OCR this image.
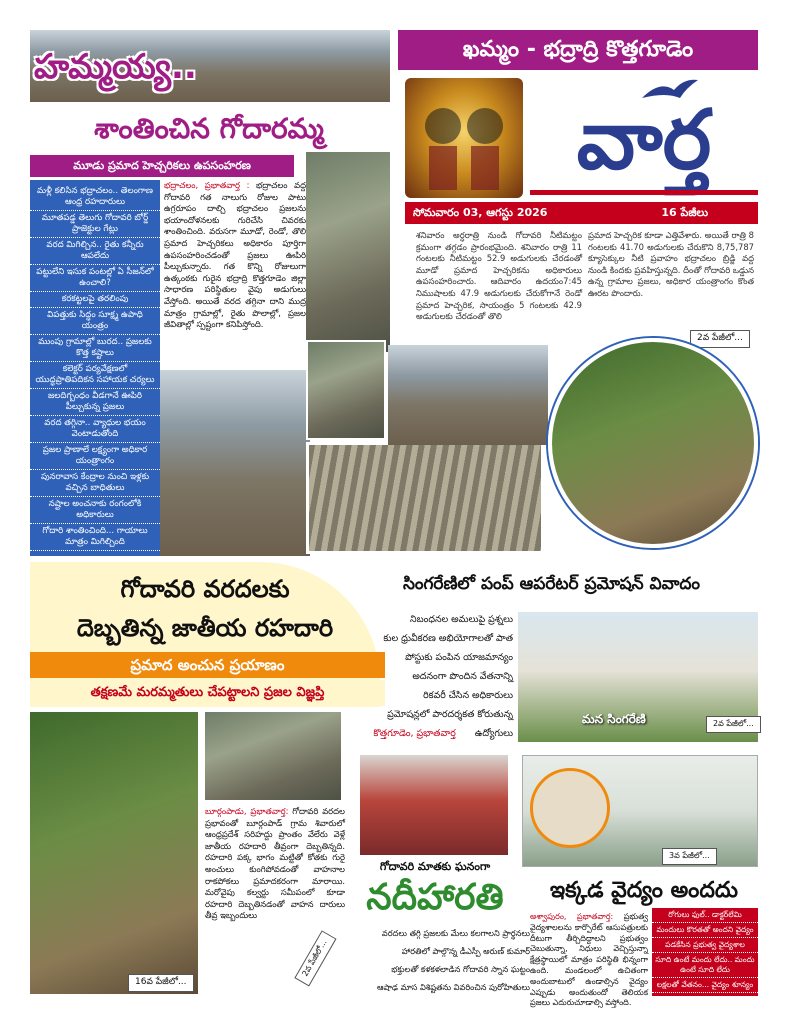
హమ్మయ్య..
శాంతించిన గోదారమ్మ
మూడు ప్రమాద హెచ్చరికలు ఉపసంహరణ
మళ్లీ కలిసిన భద్రాచలం.. తెలంగాణ ఆంధ్ర రహదారులు
మూతపడ్డ తెలుగు గోదావరి బోర్డ్ ప్రాజెక్టుల గేట్లు
వరద మిగిల్చిన.. రైతు కన్నీరు ఆపలేదు
పట్టులేని ఇసుక పంటల్లో ఏ సీజన్‌లో ఉంచాలి?
కరకట్టలపై తరలింపు
విపత్తుకు సిద్ధం సూక్ష్మ ఉపాధి యంత్రం
ముంపు గ్రామాల్లో బురద.. ప్రజలకు కొత్త కష్టాలు
కలెక్టర్ పర్యవేక్షణలో యుద్ధప్రాతిపదికన సహాయక చర్యలు
జలదిగ్బంధం వీడగానే ఊపిరి పీల్చుకున్న ప్రజలు
వరద తగ్గినా.. వ్యాధుల భయం వెంటాడుతోంది
ప్రజల ప్రాణాలే లక్ష్యంగా అధికార యంత్రాంగం
పునరావాస కేంద్రాల నుంచి ఇళ్లకు వచ్చిన బాధితులు
నష్టాల అంచనాకు రంగంలోకి అధికారులు
గోదారి శాంతించింది... గాయాలు మాత్రం మిగిల్చింది
భద్రాచలం, ప్రభాతవార్త : భద్రాచలం వద్ద గోదావరి గత నాలుగు రోజుల పాటు ఉగ్రరూపం దాల్చి భద్రాచలం ప్రజలను భయాందోళనలకు గురిచేసి చివరకు శాంతించింది. వరుసగా మూడో, రెండో, తొలి ప్రమాద హెచ్చరికలు అధికారం పూర్తిగా ఉపసంహరించడంతో ప్రజలు ఊపిరి పీల్చుకున్నారు. గత కొన్ని రోజులుగా ఉత్కంఠకు గురైన భద్రాద్రి కొత్తగూడెం జిల్లా సాధారణ పరిస్థితుల వైపు అడుగులు వేస్తోంది. అయితే వరద తగ్గినా దాని ముద్ర మాత్రం గ్రామాల్లో, రైతు పొలాల్లో, ప్రజల జీవితాల్లో స్పష్టంగా కనిపిస్తోంది.
ఖమ్మం - భద్రాద్రి కొత్తగూడెం
వార్త
సోమవారం 03, ఆగస్టు 2026	16 పేజీలు
శనివారం అర్ధరాత్రి నుండి గోదావరి నీటిమట్టం క్రమంగా తగ్గడం ప్రారంభమైంది. శనివారం రాత్రి 11 గంటలకు నీటిమట్టం 52.9 అడుగులకు చేరడంతో మూడో ప్రమాద హెచ్చరికను అధికారులు ఉపసంహరించారు. ఆదివారం ఉదయం7:45 నిముషాలకు 47.9 అడుగులకు చేరుకోగానే రెండో ప్రమాద హెచ్చరిక, సాయంత్రం 5 గంటలకు 42.9 అడుగులకు చేరడంతో తొలి
ప్రమాద హెచ్చరిక కూడా ఎత్తివేశారు. అయితే రాత్రి 8 గంటలకు 41.70 అడుగులకు చేరుకొని 8,75,787 క్యూసెక్కుల నీటి ప్రవాహం భద్రాచలం బ్రిడ్జి వద్ద నుండి కిందకు ప్రవహిస్తున్నది. దీంతో గోదావరి ఒడ్డున ఉన్న గ్రామాల ప్రజలు, అధికార యంత్రాంగం కొంత ఊరట పొందారు.
2వ పేజీలో...
గోదావరి వరదలకు
దెబ్బతిన్న జాతీయ రహదారి
ప్రమాద అంచున ప్రయాణం
తక్షణమే మరమ్మతులు చేపట్టాలని ప్రజల విజ్ఞప్తి
బూర్గంపాడు, ప్రభాతవార్త: గోదావరి వరదల ప్రభావంతో బూర్గంపాడ్ గ్రామ శివారులో ఆంధ్రప్రదేశ్ సరిహద్దు ప్రాంతం వేలేరు వెళ్లే జాతీయ రహదారి తీవ్రంగా దెబ్బతిన్నది. రహదారి పక్క భాగం మట్టితో కోతకు గురై అంచులు కుంగిపోవడంతో వాహనాల రాకపోకలు ప్రమాదకరంగా మారాయి. మరోవైపు కల్వర్టు సమీపంలో కూడా రహదారి దెబ్బతినడంతో వాహన దారులు తీవ్ర ఇబ్బందులు
16వ పేజీలో...
సింగరేణిలో పంప్ ఆపరేటర్ ప్రమోషన్ వివాదం
నిబంధనల అమలుపై ప్రశ్నలు
కుల ధ్రువీకరణ అభియోగాలతో పాత
పోస్టుకు పంపిన యాజమాన్యం
అదనంగా పొందిన వేతనాన్ని
రికవరీ చేసిన అధికారులు
ప్రమోషన్లలో పారదర్శకత కోరుతున్న
కొత్తగూడెం, ప్రభాతవార్త ఉద్యోగులు
మన సింగరేణి	2వ పేజీలో...
గోదావరి మాతకు ఘనంగా
నదీహారతి
వరదలు తగ్గి ప్రజలకు మేలు కలగాలని ప్రార్థనలు
హారతిలో పాల్గొన్న డీఎస్పీ అరుణ్ కుమార్
భక్తులతో కళకళలాడిన గోదావరి స్నాన ఘట్టం
ఆషాఢ మాస విశిష్టతను వివరించిన పురోహితులు
2వ పేజీలో...
3వ పేజీలో...
ఇక్కడ వైద్యం అందదు
అశ్వాపురం, ప్రభాతవార్త: ప్రభుత్వ వైద్యశాలలను కార్పొరేట్ ఆసుపత్రులకు దీటుగా తీర్చిదిద్దాలని ప్రభుత్వం చెబుతున్నా, నిధులు వెచ్చిస్తున్నా క్షేత్రస్థాయిలో మాత్రం పరిస్థితి భిన్నంగా ఉంది. మండలంలో ఉచితంగా అందుబాటులో ఉండాల్సిన వైద్యం ఎప్పుడు అందుతుందో తెలియక ప్రజలు ఎదురుచూడాల్సి వస్తోంది.
రోగులు ఫుల్.. డాక్టర్‌లేమి
మందులు కొరతతో అందని వైద్యం
పడకేసిన ప్రభుత్వ వైద్యశాల
సూది ఉంటే మందు లేదు.. మందు ఉంటే సూది లేదు
లక్షలతో వేతనం... వైద్యం శూన్యం
